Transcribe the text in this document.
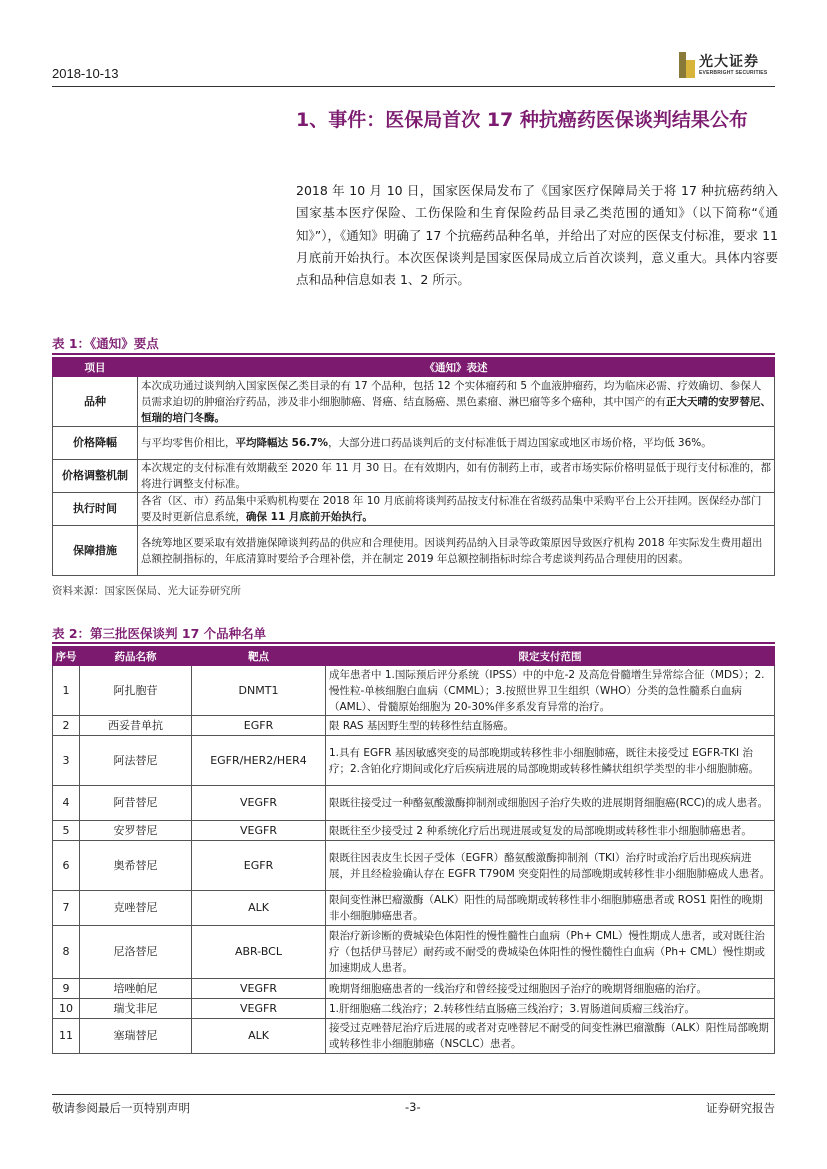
2018-10-13
光大证券
EVERBRIGHT SECURITIES
1、事件：医保局首次 17 种抗癌药医保谈判结果公布
2018 年 10 月 10 日，国家医保局发布了《国家医疗保障局关于将 17 种抗癌药纳入国家基本医疗保险、工伤保险和生育保险药品目录乙类范围的通知》（以下简称“《通知》”），《通知》明确了 17 个抗癌药品种名单，并给出了对应的医保支付标准，要求 11 月底前开始执行。本次医保谈判是国家医保局成立后首次谈判，意义重大。具体内容要点和品种信息如表 1、2 所示。
表 1：《通知》要点
项目	《通知》表述
品种	本次成功通过谈判纳入国家医保乙类目录的有 17 个品种，包括 12 个实体瘤药和 5 个血液肿瘤药，均为临床必需、疗效确切、参保人员需求迫切的肿瘤治疗药品，涉及非小细胞肺癌、肾癌、结直肠癌、黑色素瘤、淋巴瘤等多个癌种，其中国产的有正大天晴的安罗替尼、恒瑞的培门冬酶。
价格降幅	与平均零售价相比，平均降幅达 56.7%，大部分进口药品谈判后的支付标准低于周边国家或地区市场价格，平均低 36%。
价格调整机制	本次规定的支付标准有效期截至 2020 年 11 月 30 日。在有效期内，如有仿制药上市，或者市场实际价格明显低于现行支付标准的，都将进行调整支付标准。
执行时间	各省（区、市）药品集中采购机构要在 2018 年 10 月底前将谈判药品按支付标准在省级药品集中采购平台上公开挂网。医保经办部门要及时更新信息系统，确保 11 月底前开始执行。
保障措施	各统筹地区要采取有效措施保障谈判药品的供应和合理使用。因谈判药品纳入目录等政策原因导致医疗机构 2018 年实际发生费用超出总额控制指标的，年底清算时要给予合理补偿，并在制定 2019 年总额控制指标时综合考虑谈判药品合理使用的因素。
资料来源：国家医保局、光大证券研究所
表 2：第三批医保谈判 17 个品种名单
序号	药品名称	靶点	限定支付范围
1	阿扎胞苷	DNMT1	成年患者中 1.国际预后评分系统（IPSS）中的中危-2 及高危骨髓增生异常综合征（MDS）；2.慢性粒-单核细胞白血病（CMML）；3.按照世界卫生组织（WHO）分类的急性髓系白血病（AML）、骨髓原始细胞为 20-30%伴多系发育异常的治疗。
2	西妥昔单抗	EGFR	限 RAS 基因野生型的转移性结直肠癌。
3	阿法替尼	EGFR/HER2/HER4	1.具有 EGFR 基因敏感突变的局部晚期或转移性非小细胞肺癌，既往未接受过 EGFR-TKI 治疗；2.含铂化疗期间或化疗后疾病进展的局部晚期或转移性鳞状组织学类型的非小细胞肺癌。
4	阿昔替尼	VEGFR	限既往接受过一种酪氨酸激酶抑制剂或细胞因子治疗失败的进展期肾细胞癌(RCC)的成人患者。
5	安罗替尼	VEGFR	限既往至少接受过 2 种系统化疗后出现进展或复发的局部晚期或转移性非小细胞肺癌患者。
6	奥希替尼	EGFR	限既往因表皮生长因子受体（EGFR）酪氨酸激酶抑制剂（TKI）治疗时或治疗后出现疾病进展，并且经检验确认存在 EGFR T790M 突变阳性的局部晚期或转移性非小细胞肺癌成人患者。
7	克唑替尼	ALK	限间变性淋巴瘤激酶（ALK）阳性的局部晚期或转移性非小细胞肺癌患者或 ROS1 阳性的晚期非小细胞肺癌患者。
8	尼洛替尼	ABR-BCL	限治疗新诊断的费城染色体阳性的慢性髓性白血病（Ph+ CML）慢性期成人患者，或对既往治疗（包括伊马替尼）耐药或不耐受的费城染色体阳性的慢性髓性白血病（Ph+ CML）慢性期或加速期成人患者。
9	培唑帕尼	VEGFR	晚期肾细胞癌患者的一线治疗和曾经接受过细胞因子治疗的晚期肾细胞癌的治疗。
10	瑞戈非尼	VEGFR	1.肝细胞癌二线治疗；2.转移性结直肠癌三线治疗；3.胃肠道间质瘤三线治疗。
11	塞瑞替尼	ALK	接受过克唑替尼治疗后进展的或者对克唑替尼不耐受的间变性淋巴瘤激酶（ALK）阳性局部晚期或转移性非小细胞肺癌（NSCLC）患者。
敬请参阅最后一页特别声明	-3-	证券研究报告
